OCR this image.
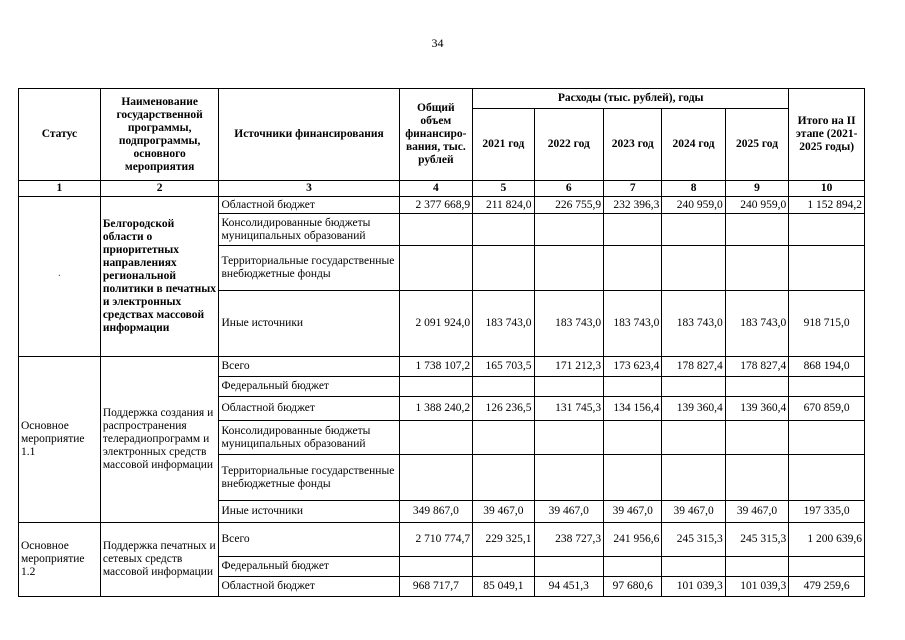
34
Статус	Наименование государственной программы, подпрограммы, основного мероприятия	Источники финансирования	Общий объем финансиро-вания, тыс. рублей	Расходы (тыс. рублей), годы					Итого на II этапе (2021-2025 годы)
				2021 год	2022 год	2023 год	2024 год	2025 год	
1	2	3	4	5	6	7	8	9	10
·	Белгородской области о приоритетных направлениях региональной политики в печатных и электронных средствах массовой информации	Областной бюджет	2 377 668,9	211 824,0	226 755,9	232 396,3	240 959,0	240 959,0	1 152 894,2
		Консолидированные бюджеты муниципальных образований							
		Территориальные государственные внебюджетные фонды							
		Иные источники	2 091 924,0	183 743,0	183 743,0	183 743,0	183 743,0	183 743,0	918 715,0
Основное мероприятие 1.1	Поддержка создания и распространения телерадиопрограмм и электронных средств массовой информации	Всего	1 738 107,2	165 703,5	171 212,3	173 623,4	178 827,4	178 827,4	868 194,0
		Федеральный бюджет							
		Областной бюджет	1 388 240,2	126 236,5	131 745,3	134 156,4	139 360,4	139 360,4	670 859,0
		Консолидированные бюджеты муниципальных образований							
		Территориальные государственные внебюджетные фонды							
		Иные источники	349 867,0	39 467,0	39 467,0	39 467,0	39 467,0	39 467,0	197 335,0
Основное мероприятие 1.2	Поддержка печатных и сетевых средств массовой информации	Всего	2 710 774,7	229 325,1	238 727,3	241 956,6	245 315,3	245 315,3	1 200 639,6
		Федеральный бюджет							
		Областной бюджет	968 717,7	85 049,1	94 451,3	97 680,6	101 039,3	101 039,3	479 259,6
